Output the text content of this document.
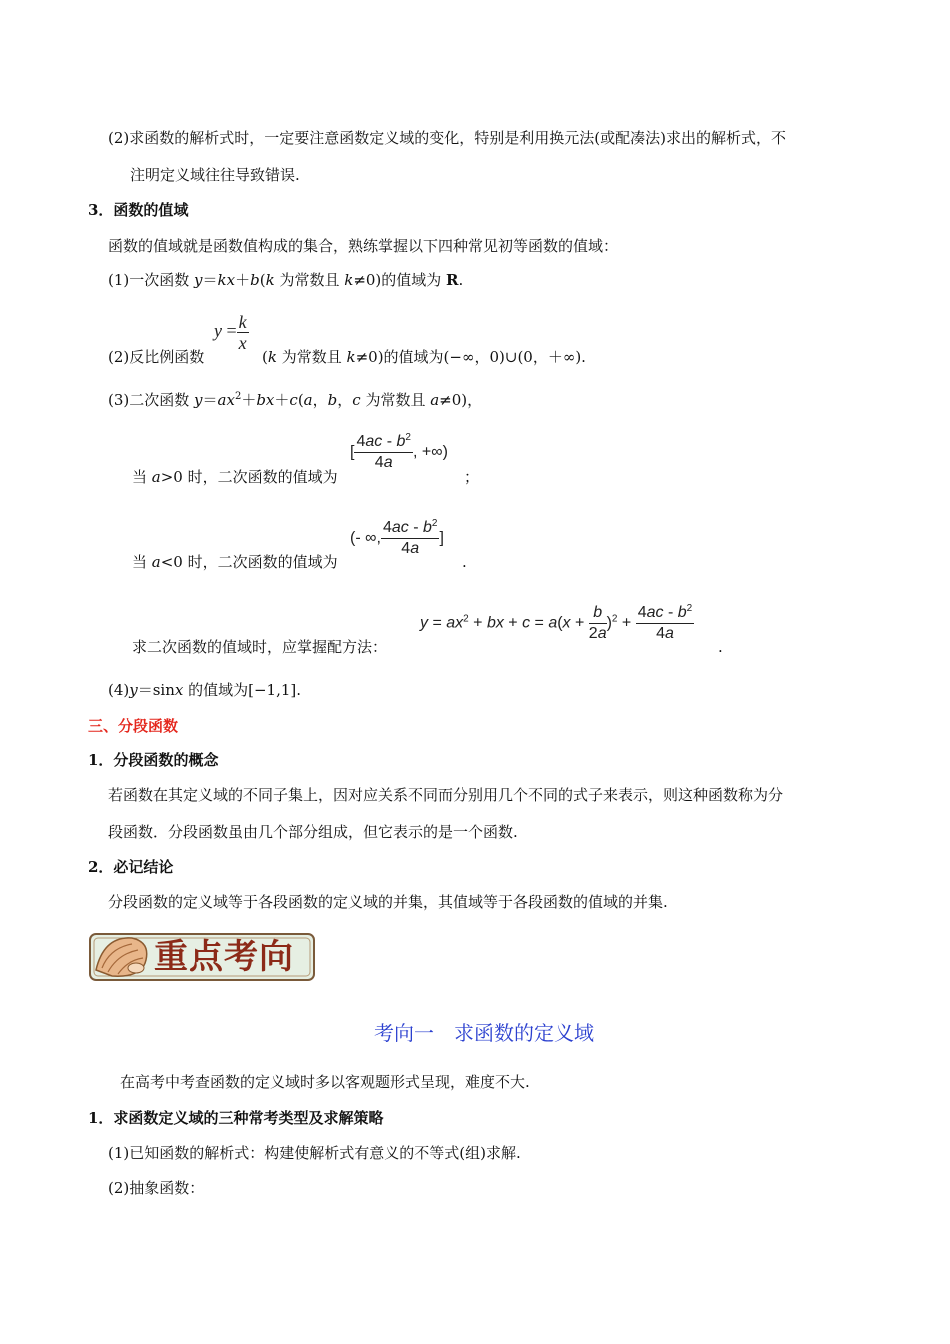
(2)求函数的解析式时，一定要注意函数定义域的变化，特别是利用换元法(或配凑法)求出的解析式，不
注明定义域往往导致错误.
3．函数的值域
函数的值域就是函数值构成的集合，熟练掌握以下四种常见初等函数的值域：
(1)一次函数 y＝kx＋b(k 为常数且 k≠0)的值域为 R.
(2)反比例函数
$y = \frac{k}{x}$
(k 为常数且 k≠0)的值域为(−∞，0)∪(0，＋∞).
(3)二次函数 $y=ax^2+bx+c(a$，b，c 为常数且 a≠0)，
当 a>0 时，二次函数的值域为
[ $\frac{4ac - b^2}{4a}$ , +∞)
；
当 a<0 时，二次函数的值域为
(- ∞, $\frac{4ac - b^2}{4a}$ ]
.
求二次函数的值域时，应掌握配方法：
$y = ax^2$ + bx + $c = a(x + \frac{b}{2a} )^2 + \frac{4ac - b^2}{4a}$
.
(4)y＝sinx 的值域为[−1,1].
三、分段函数
1．分段函数的概念
若函数在其定义域的不同子集上，因对应关系不同而分别用几个不同的式子来表示，则这种函数称为分
段函数．分段函数虽由几个部分组成，但它表示的是一个函数.
2．必记结论
分段函数的定义域等于各段函数的定义域的并集，其值域等于各段函数的值域的并集.
重点考向
考向一　求函数的定义域
在高考中考查函数的定义域时多以客观题形式呈现，难度不大.
1．求函数定义域的三种常考类型及求解策略
(1)已知函数的解析式：构建使解析式有意义的不等式(组)求解.
(2)抽象函数：
